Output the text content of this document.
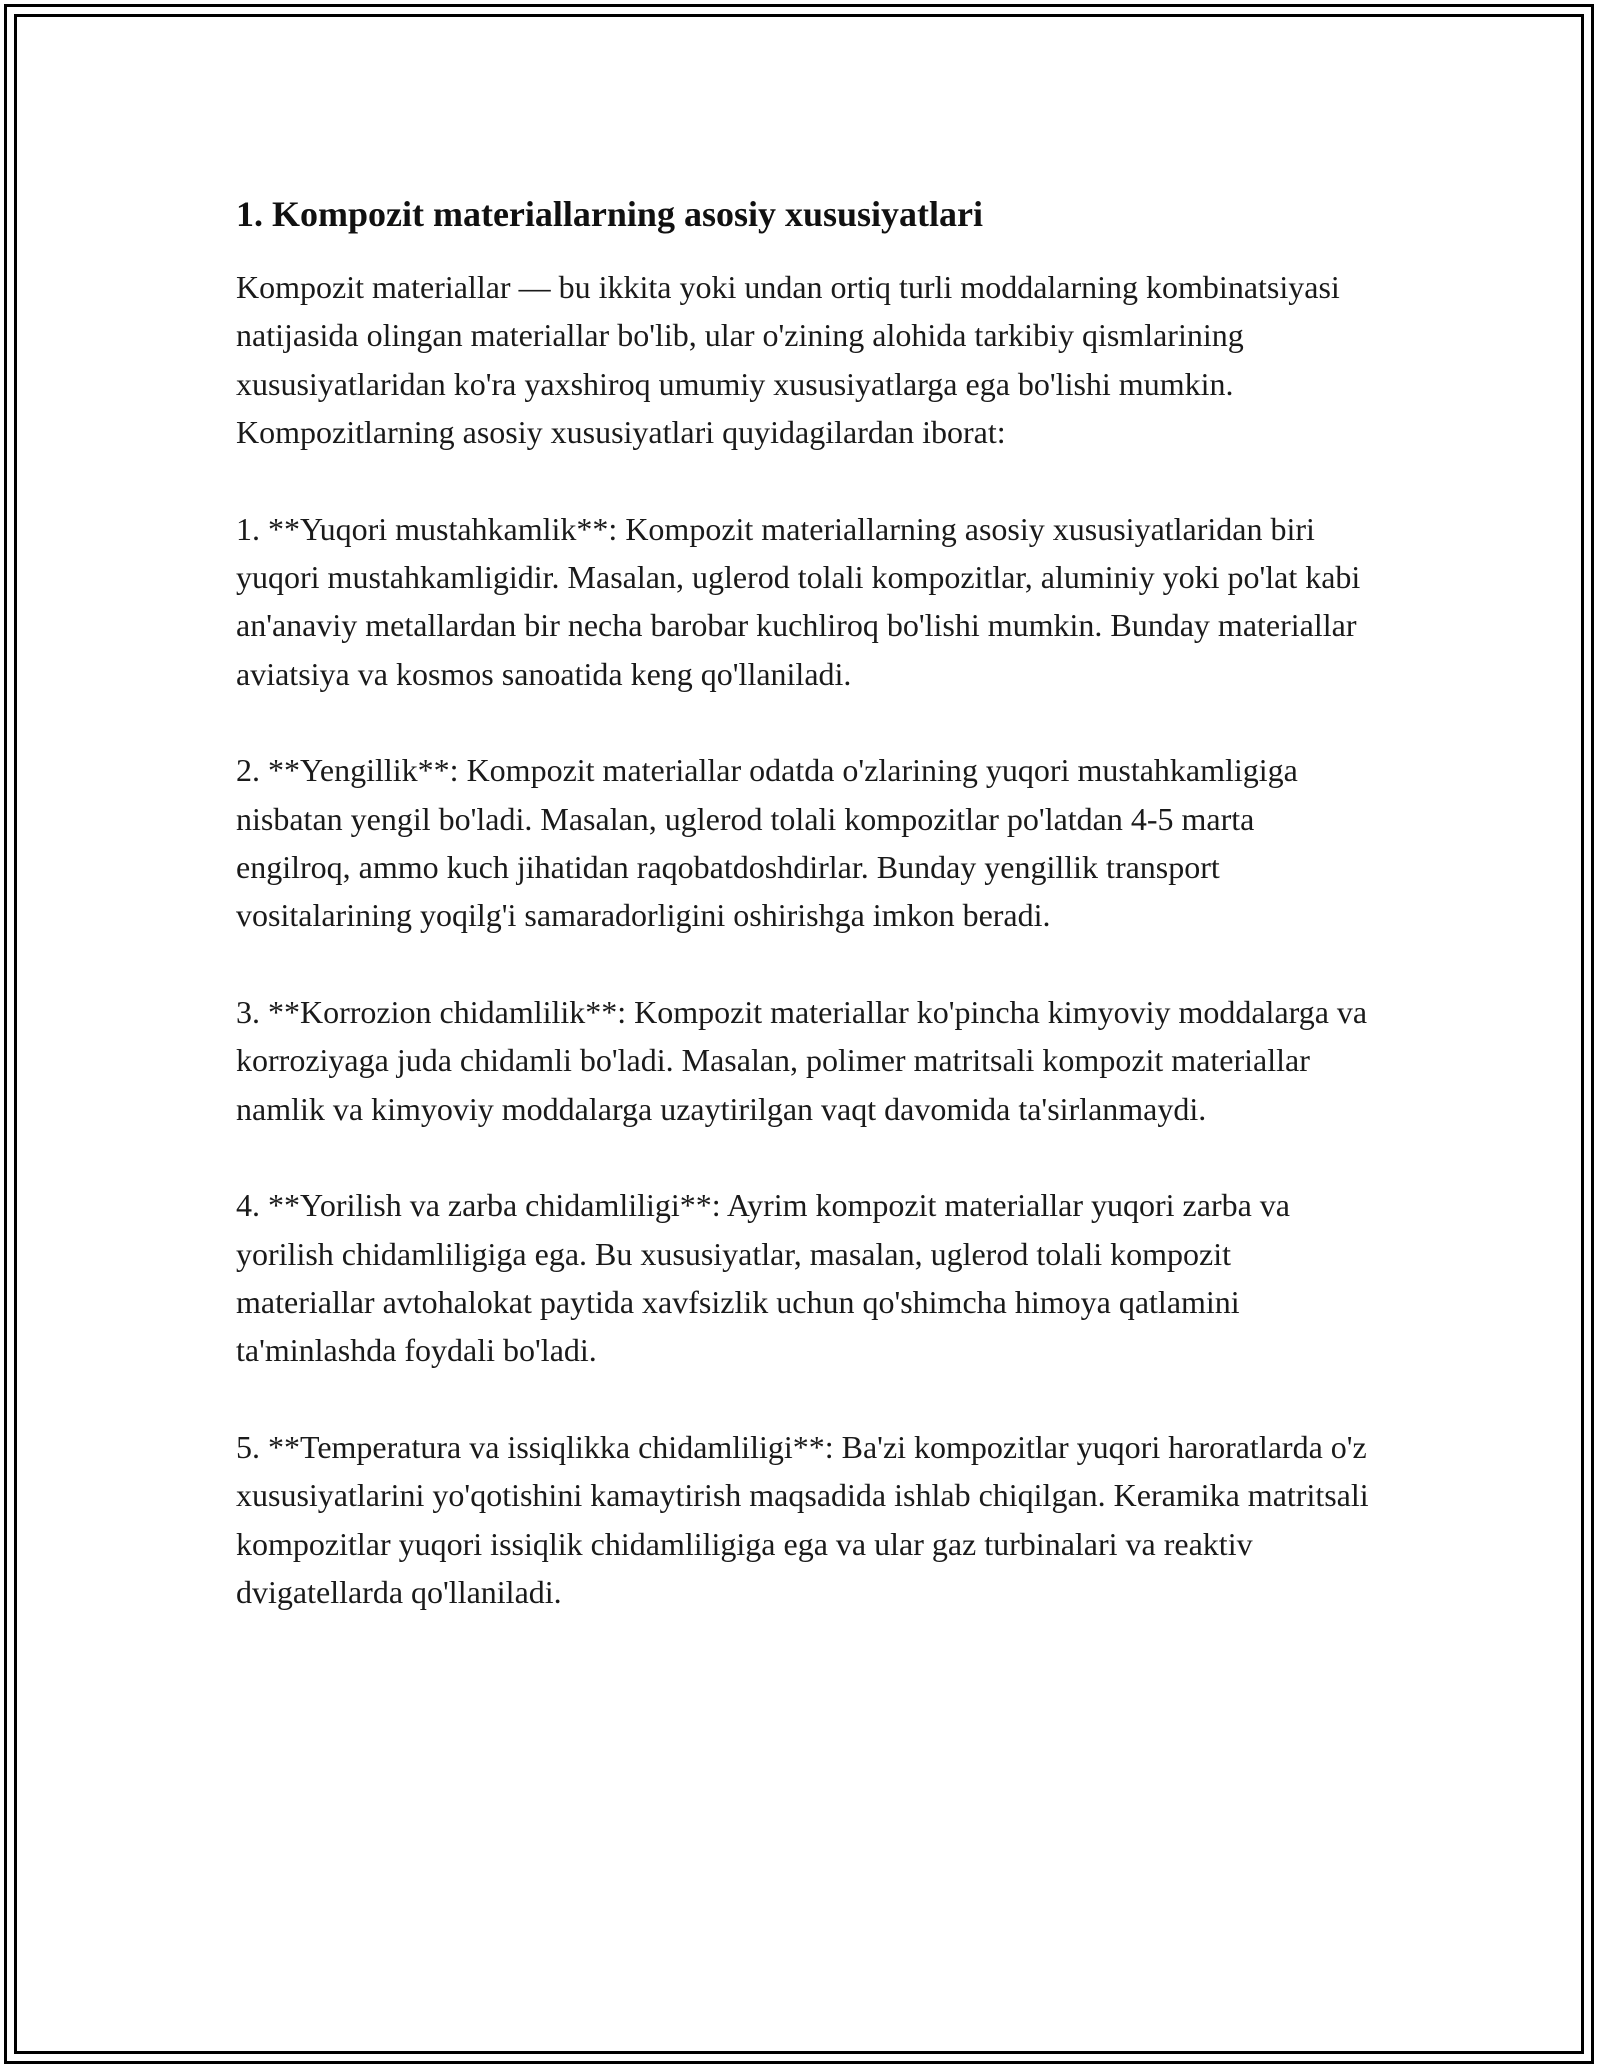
1. Kompozit materiallarning asosiy xususiyatlari

Kompozit materiallar — bu ikkita yoki undan ortiq turli moddalarning kombinatsiyasi natijasida olingan materiallar bo'lib, ular o'zining alohida tarkibiy qismlarining xususiyatlaridan ko'ra yaxshiroq umumiy xususiyatlarga ega bo'lishi mumkin. Kompozitlarning asosiy xususiyatlari quyidagilardan iborat:

1. **Yuqori mustahkamlik**: Kompozit materiallarning asosiy xususiyatlaridan biri yuqori mustahkamligidir. Masalan, uglerod tolali kompozitlar, aluminiy yoki po'lat kabi an'anaviy metallardan bir necha barobar kuchliroq bo'lishi mumkin. Bunday materiallar aviatsiya va kosmos sanoatida keng qo'llaniladi.

2. **Yengillik**: Kompozit materiallar odatda o'zlarining yuqori mustahkamligiga nisbatan yengil bo'ladi. Masalan, uglerod tolali kompozitlar po'latdan 4-5 marta engilroq, ammo kuch jihatidan raqobatdoshdirlar. Bunday yengillik transport vositalarining yoqilg'i samaradorligini oshirishga imkon beradi.

3. **Korrozion chidamlilik**: Kompozit materiallar ko'pincha kimyoviy moddalarga va korroziyaga juda chidamli bo'ladi. Masalan, polimer matritsali kompozit materiallar namlik va kimyoviy moddalarga uzaytirilgan vaqt davomida ta'sirlanmaydi.

4. **Yorilish va zarba chidamliligi**: Ayrim kompozit materiallar yuqori zarba va yorilish chidamliligiga ega. Bu xususiyatlar, masalan, uglerod tolali kompozit materiallar avtohalokat paytida xavfsizlik uchun qo'shimcha himoya qatlamini ta'minlashda foydali bo'ladi.

5. **Temperatura va issiqlikka chidamliligi**: Ba'zi kompozitlar yuqori haroratlarda o'z xususiyatlarini yo'qotishini kamaytirish maqsadida ishlab chiqilgan. Keramika matritsali kompozitlar yuqori issiqlik chidamliligiga ega va ular gaz turbinalari va reaktiv dvigatellarda qo'llaniladi.
